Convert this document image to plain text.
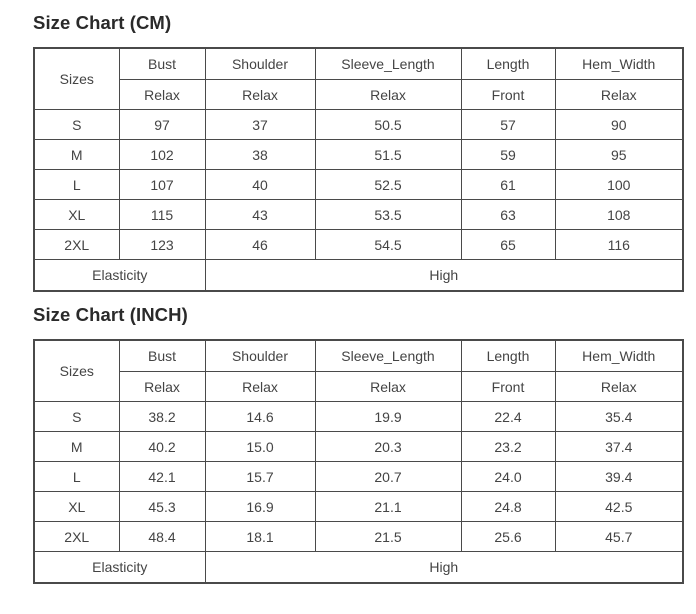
Size Chart (CM)
Sizes	Bust	Shoulder	Sleeve_Length	Length	Hem_Width
	Relax	Relax	Relax	Front	Relax
S	97	37	50.5	57	90
M	102	38	51.5	59	95
L	107	40	52.5	61	100
XL	115	43	53.5	63	108
2XL	123	46	54.5	65	116
Elasticity		High			
Size Chart (INCH)
Sizes	Bust	Shoulder	Sleeve_Length	Length	Hem_Width
	Relax	Relax	Relax	Front	Relax
S	38.2	14.6	19.9	22.4	35.4
M	40.2	15.0	20.3	23.2	37.4
L	42.1	15.7	20.7	24.0	39.4
XL	45.3	16.9	21.1	24.8	42.5
2XL	48.4	18.1	21.5	25.6	45.7
Elasticity		High			
